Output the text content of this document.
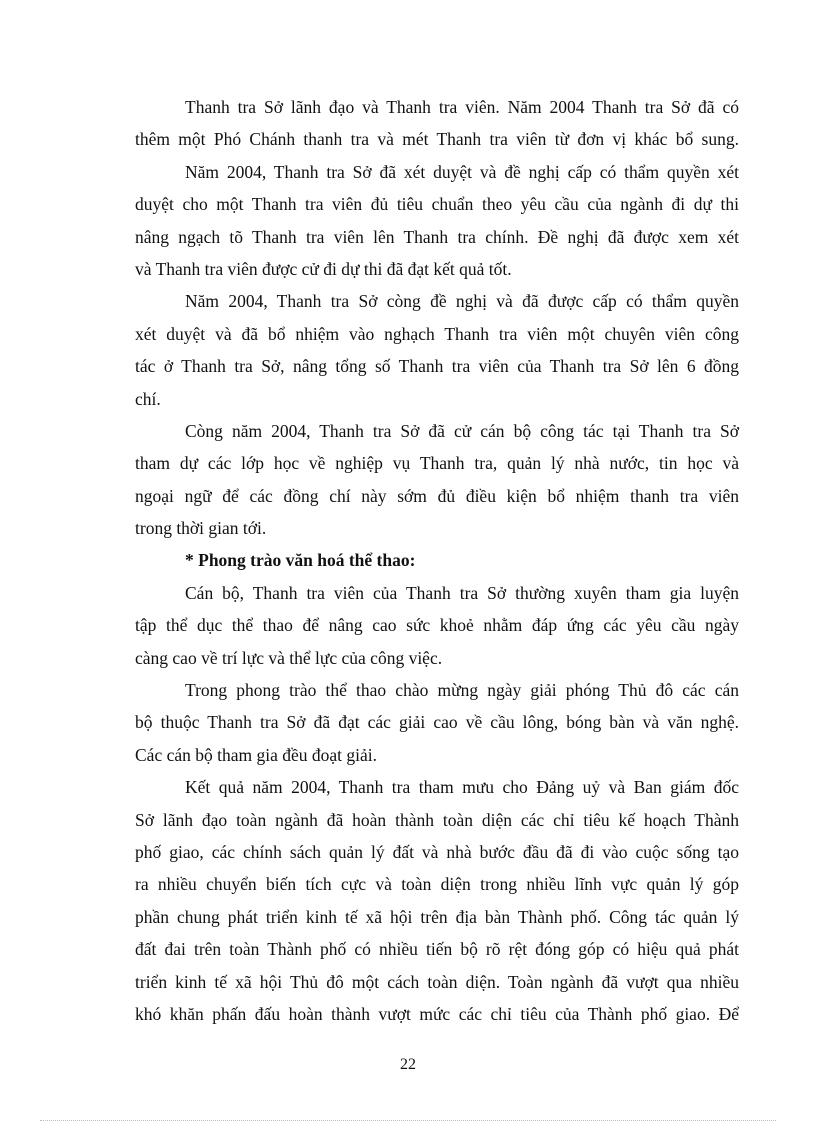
Thanh tra Sở lãnh đạo và Thanh tra viên. Năm 2004 Thanh tra Sở đã có
thêm một Phó Chánh thanh tra và mét Thanh tra viên từ đơn vị khác bổ sung.
Năm 2004, Thanh tra Sở đã xét duyệt và đề nghị cấp có thẩm quyền xét
duyệt cho một Thanh tra viên đủ tiêu chuẩn theo yêu cầu của ngành đi dự thi
nâng ngạch tõ Thanh tra viên lên Thanh tra chính. Đề nghị đã được xem xét
và Thanh tra viên được cử đi dự thi đã đạt kết quả tốt.
Năm 2004, Thanh tra Sở còng đề nghị và đã được cấp có thẩm quyền
xét duyệt và đã bổ nhiệm vào nghạch Thanh tra viên một chuyên viên công
tác ở Thanh tra Sở, nâng tổng số Thanh tra viên của Thanh tra Sở lên 6 đồng
chí.
Còng năm 2004, Thanh tra Sở đã cử cán bộ công tác tại Thanh tra Sở
tham dự các lớp học về nghiệp vụ Thanh tra, quản lý nhà nước, tin học và
ngoại ngữ để các đồng chí này sớm đủ điều kiện bổ nhiệm thanh tra viên
trong thời gian tới.
* Phong trào văn hoá thể thao:
Cán bộ, Thanh tra viên của Thanh tra Sở thường xuyên tham gia luyện
tập thể dục thể thao để nâng cao sức khoẻ nhằm đáp ứng các yêu cầu ngày
càng cao về trí lực và thể lực của công việc.
Trong phong trào thể thao chào mừng ngày giải phóng Thủ đô các cán
bộ thuộc Thanh tra Sở đã đạt các giải cao về cầu lông, bóng bàn và văn nghệ.
Các cán bộ tham gia đều đoạt giải.
Kết quả năm 2004, Thanh tra tham mưu cho Đảng uỷ và Ban giám đốc
Sở lãnh đạo toàn ngành đã hoàn thành toàn diện các chỉ tiêu kế hoạch Thành
phố giao, các chính sách quản lý đất và nhà bước đầu đã đi vào cuộc sống tạo
ra nhiều chuyển biến tích cực và toàn diện trong nhiều lĩnh vực quản lý góp
phần chung phát triển kinh tế xã hội trên địa bàn Thành phố. Công tác quản lý
đất đai trên toàn Thành phố có nhiều tiến bộ rõ rệt đóng góp có hiệu quả phát
triển kinh tế xã hội Thủ đô một cách toàn diện. Toàn ngành đã vượt qua nhiều
khó khăn phấn đấu hoàn thành vượt mức các chỉ tiêu của Thành phố giao. Để
22
